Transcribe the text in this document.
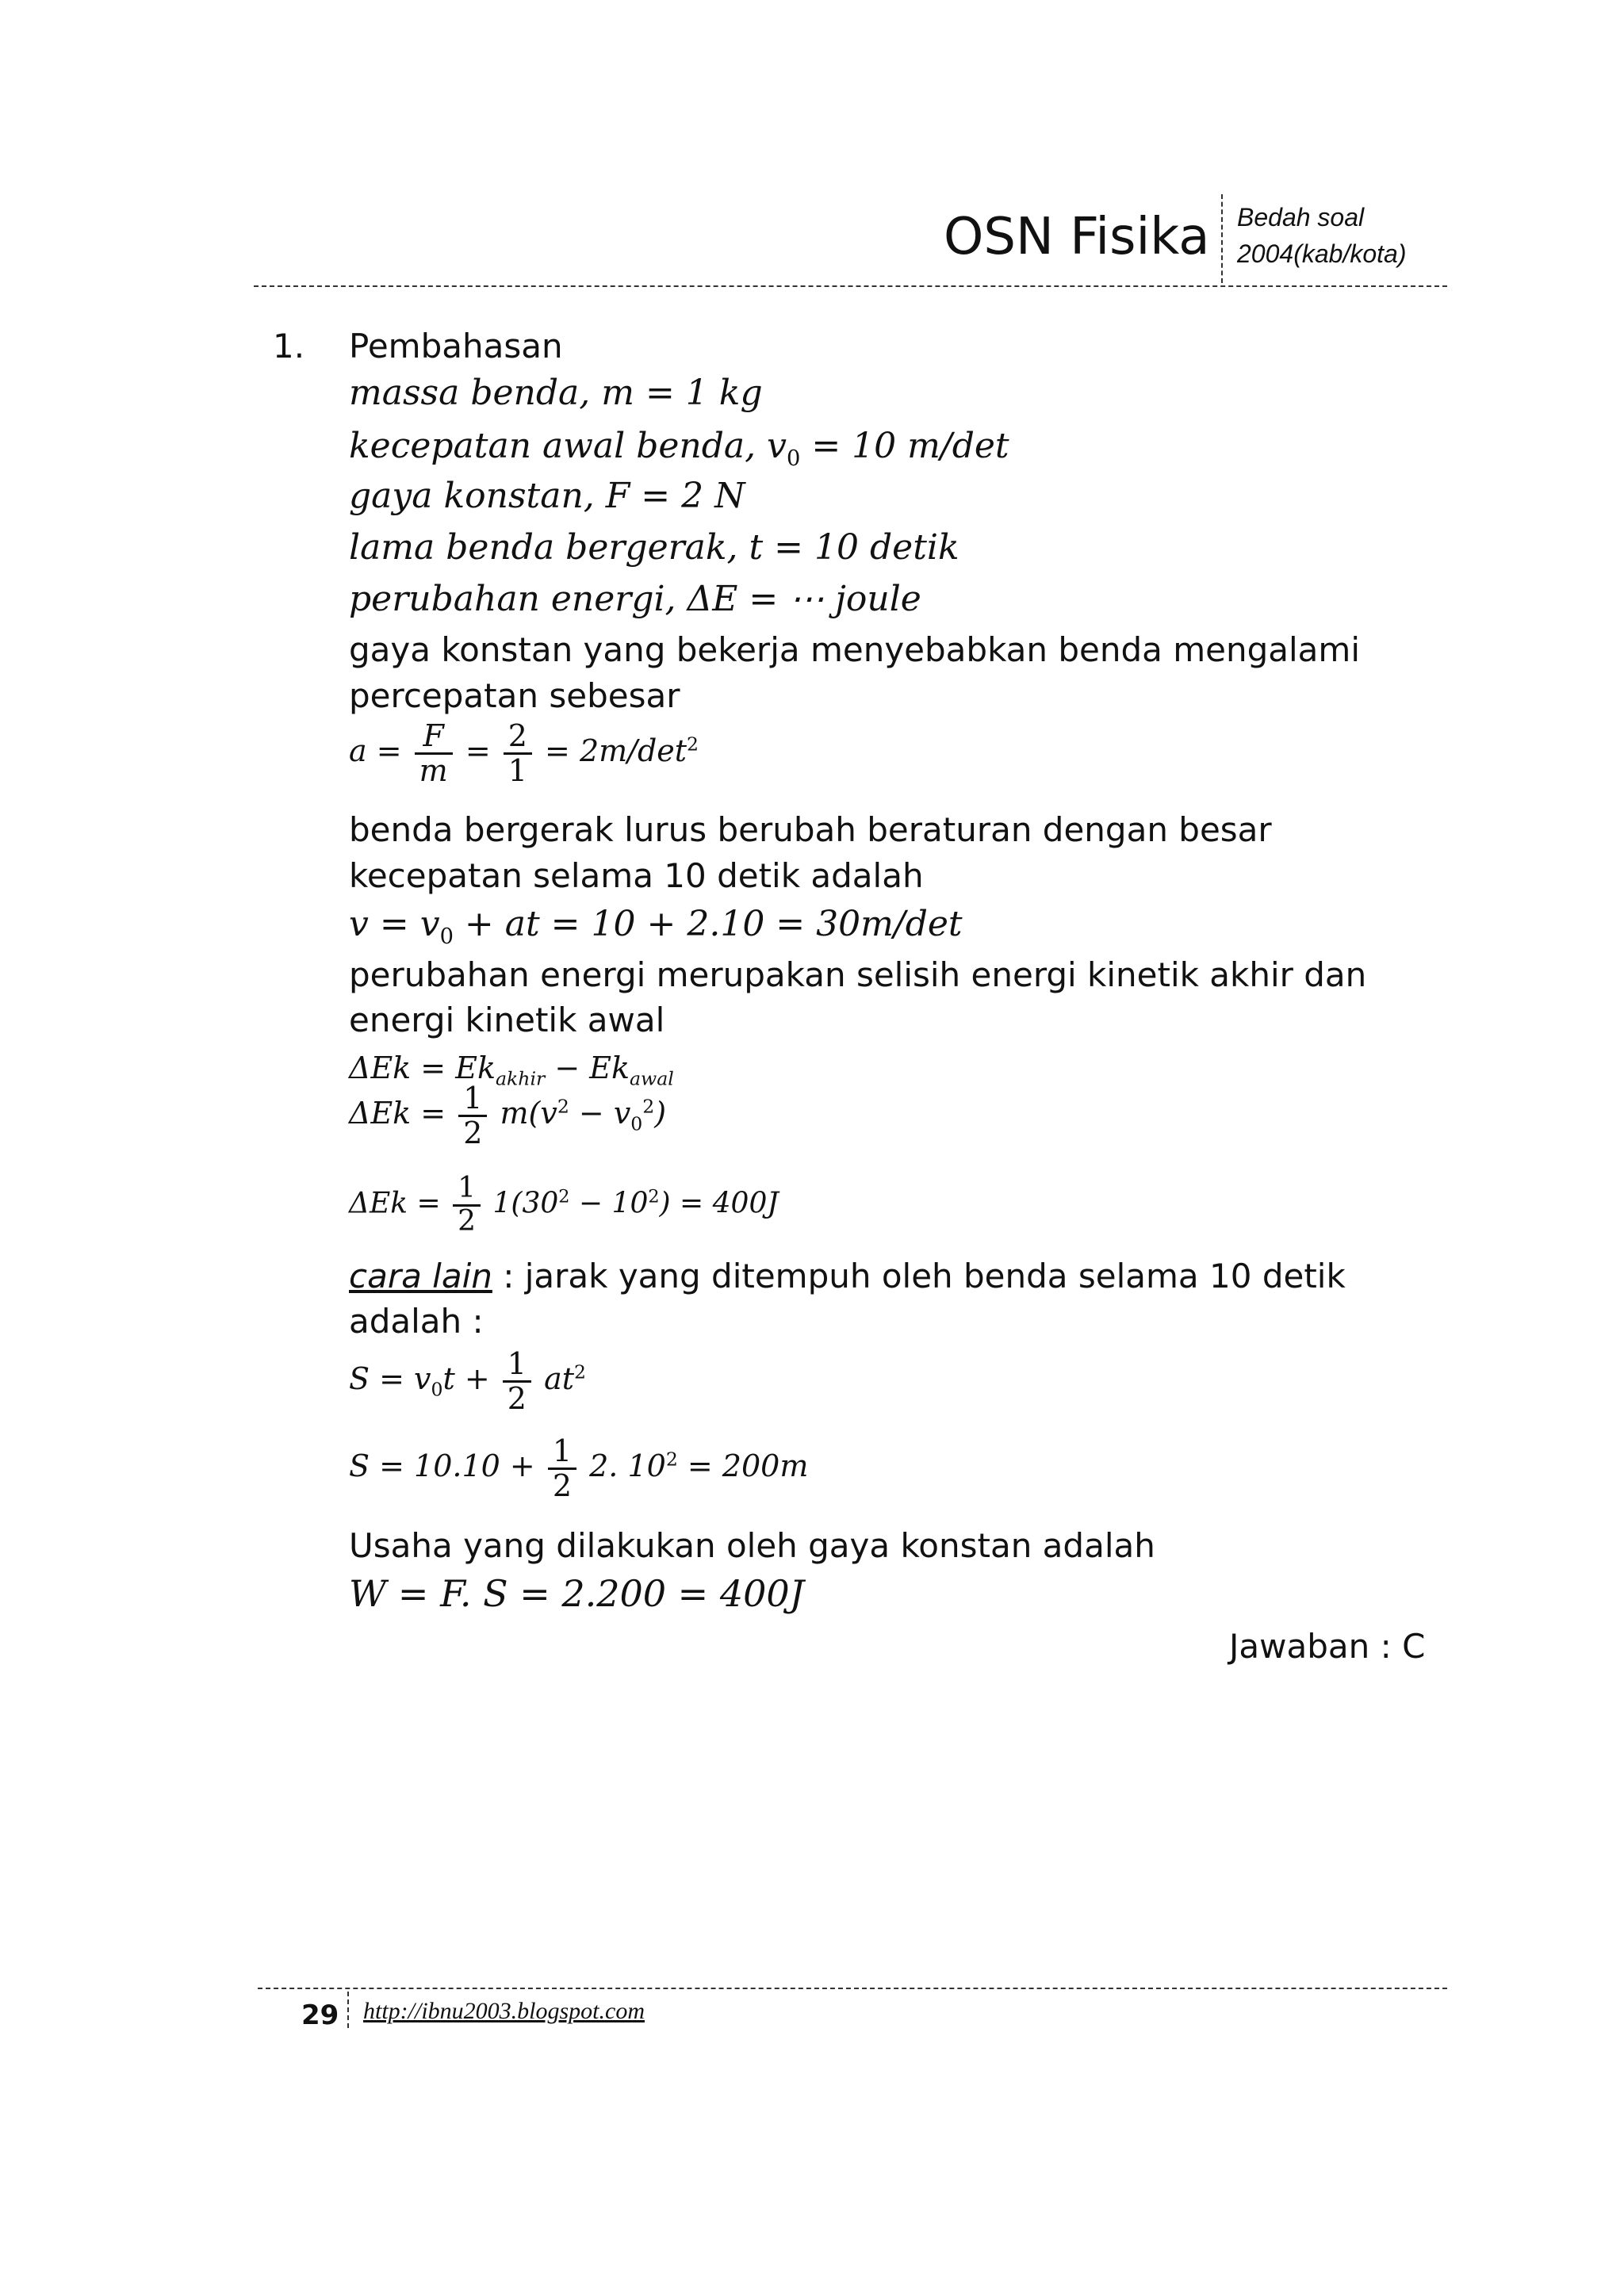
OSN Fisika Bedah soal
2004(kab/kota)
1. Pembahasan
massa benda, m = 1 kg
kecepatan awal benda, $v_0 = 10$ m/det
gaya konstan, F = 2 N
lama benda bergerak, t = 10 detik
perubahan energi, ΔE = ⋯ joule
gaya konstan yang bekerja menyebabkan benda mengalami
percepatan sebesar
$a = \frac{F}{m} = \frac{2}{1} = 2m/\det^2$
benda bergerak lurus berubah beraturan dengan besar
kecepatan selama 10 detik adalah
$v = v_0$ + at = 10 + 2.10 = 30m/det
perubahan energi merupakan selisih energi kinetik akhir dan
energi kinetik awal
$\Delta Ek = Ek_{akhir} - Ek_{awal}$
$\Delta Ek = \frac{1}{2} m(v^2 - v_0^2)$
$\Delta Ek = \frac{1}{2} 1(30^2 - 10^2) = 400J$
cara lain : jarak yang ditempuh oleh benda selama 10 detik
adalah :
$S = v_0t + \frac{1}{2} at^2$
$S = 10.10 + \frac{1}{2} 2$. $10^2 = 200m$
Usaha yang dilakukan oleh gaya konstan adalah
W = F. S = 2.200 = 400J
Jawaban : C
29 http://ibnu2003.blogspot.com
